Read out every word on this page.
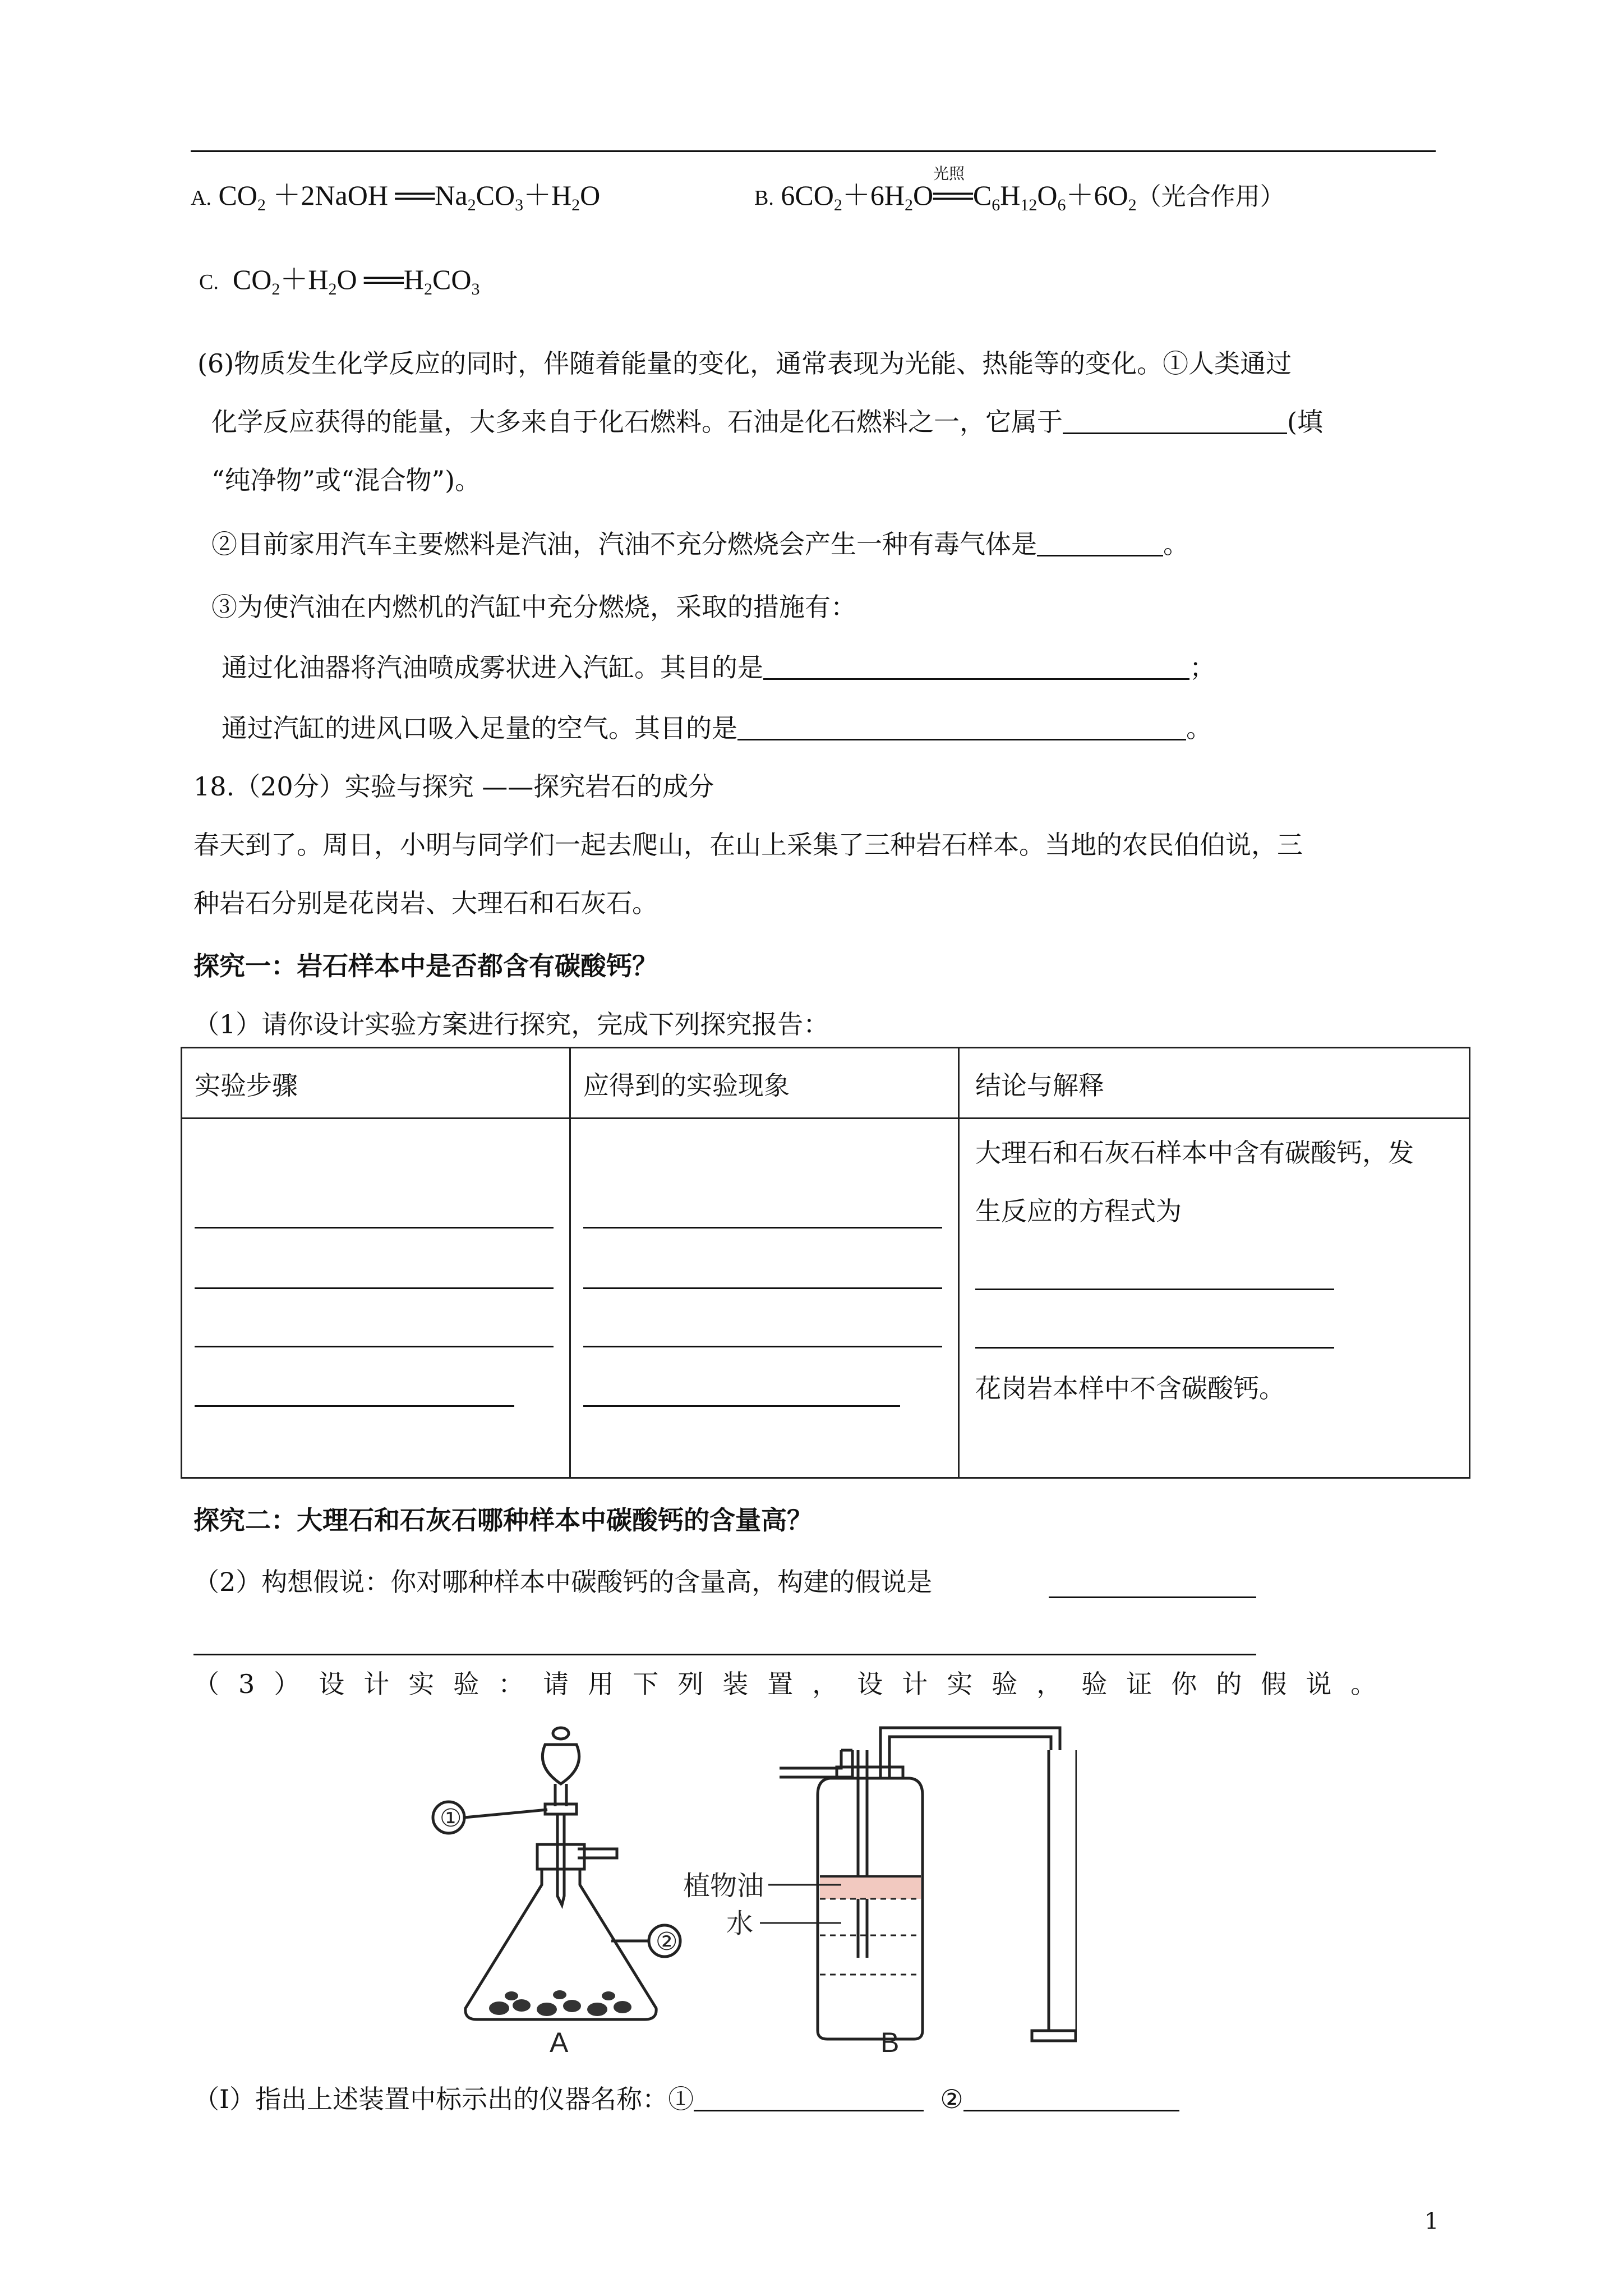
A. $CO_2$ ＋2NaOH $══Na_2CO_3+H_2O$	B. $6CO_2+6H_2O$
光照
$══C_6H_{12}O_6+6O_2$（光合作用）
C.  $CO_2+H_2O$ $══H_2CO_3$
(6)物质发生化学反应的同时，伴随着能量的变化，通常表现为光能、热能等的变化。①人类通过
化学反应获得的能量，大多来自于化石燃料。石油是化石燃料之一，它属于	(填
“纯净物”或“混合物”)。
②目前家用汽车主要燃料是汽油，汽油不充分燃烧会产生一种有毒气体是	。
③为使汽油在内燃机的汽缸中充分燃烧，采取的措施有：
通过化油器将汽油喷成雾状进入汽缸。其目的是	；
通过汽缸的进风口吸入足量的空气。其目的是	。
18.（20分）实验与探究 ——探究岩石的成分
春天到了。周日，小明与同学们一起去爬山，在山上采集了三种岩石样本。当地的农民伯伯说，三
种岩石分别是花岗岩、大理石和石灰石。
探究一：岩石样本中是否都含有碳酸钙？
（1）请你设计实验方案进行探究，完成下列探究报告：
实验步骤	应得到的实验现象	结论与解释

		大理石和石灰石样本中含有碳酸钙，发
生反应的方程式为
花岗岩本样中不含碳酸钙。
探究二：大理石和石灰石哪种样本中碳酸钙的含量高？
（2）构想假说：你对哪种样本中碳酸钙的含量高，构建的假说是
（3）设计实验：请用下列装置，设计实验，验证你的假说。
①
②
A	B
植物油
水
（Ⅰ）指出上述装置中标示出的仪器名称：①	②
1
